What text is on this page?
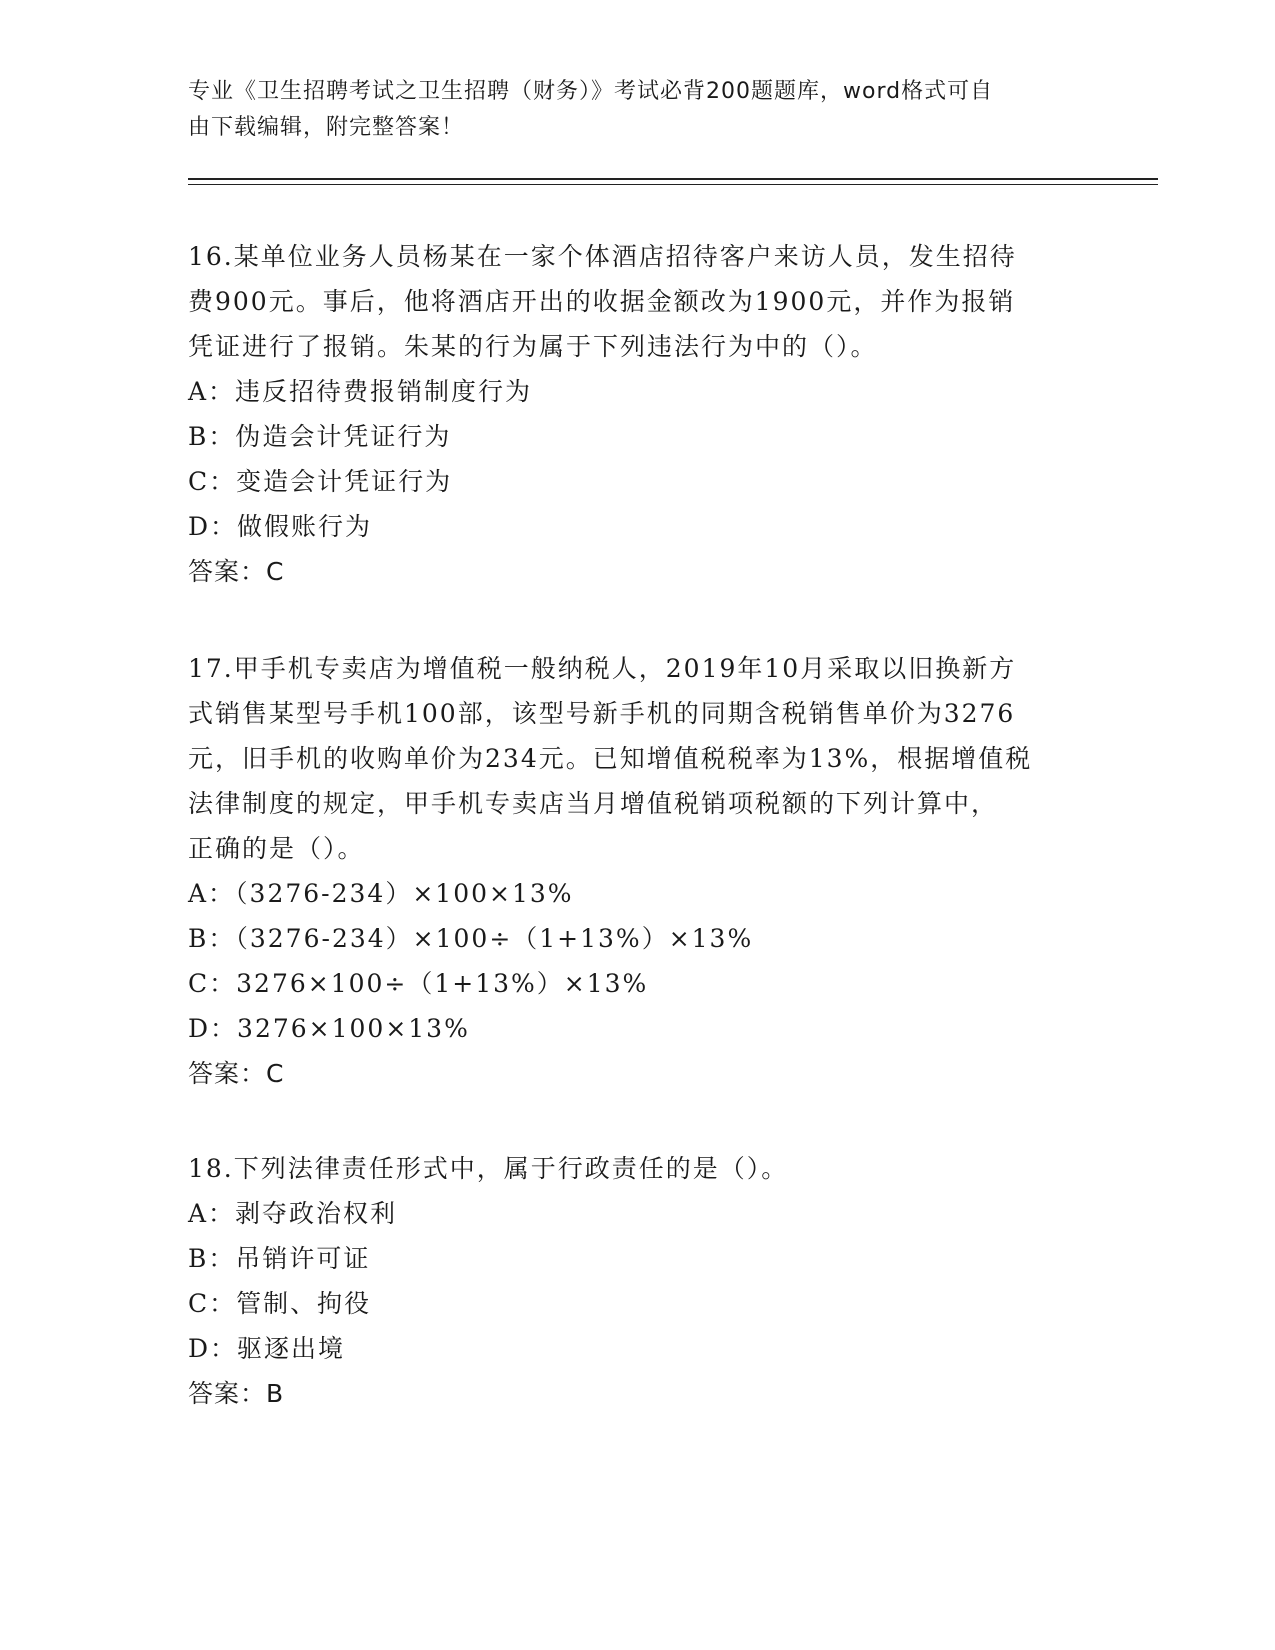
专业《卫生招聘考试之卫生招聘（财务）》考试必背200题题库，word格式可自
由下载编辑，附完整答案！
16.某单位业务人员杨某在一家个体酒店招待客户来访人员，发生招待
费900元。事后，他将酒店开出的收据金额改为1900元，并作为报销
凭证进行了报销。朱某的行为属于下列违法行为中的（）。
A：违反招待费报销制度行为
B：伪造会计凭证行为
C：变造会计凭证行为
D：做假账行为
答案：C
17.甲手机专卖店为增值税一般纳税人，2019年10月采取以旧换新方
式销售某型号手机100部，该型号新手机的同期含税销售单价为3276
元，旧手机的收购单价为234元。已知增值税税率为13%，根据增值税
法律制度的规定，甲手机专卖店当月增值税销项税额的下列计算中，
正确的是（）。
A：（3276-234）×100×13%
B：（3276-234）×100÷（1+13%）×13%
C：3276×100÷（1+13%）×13%
D：3276×100×13%
答案：C
18.下列法律责任形式中，属于行政责任的是（）。
A：剥夺政治权利
B：吊销许可证
C：管制、拘役
D：驱逐出境
答案：B
